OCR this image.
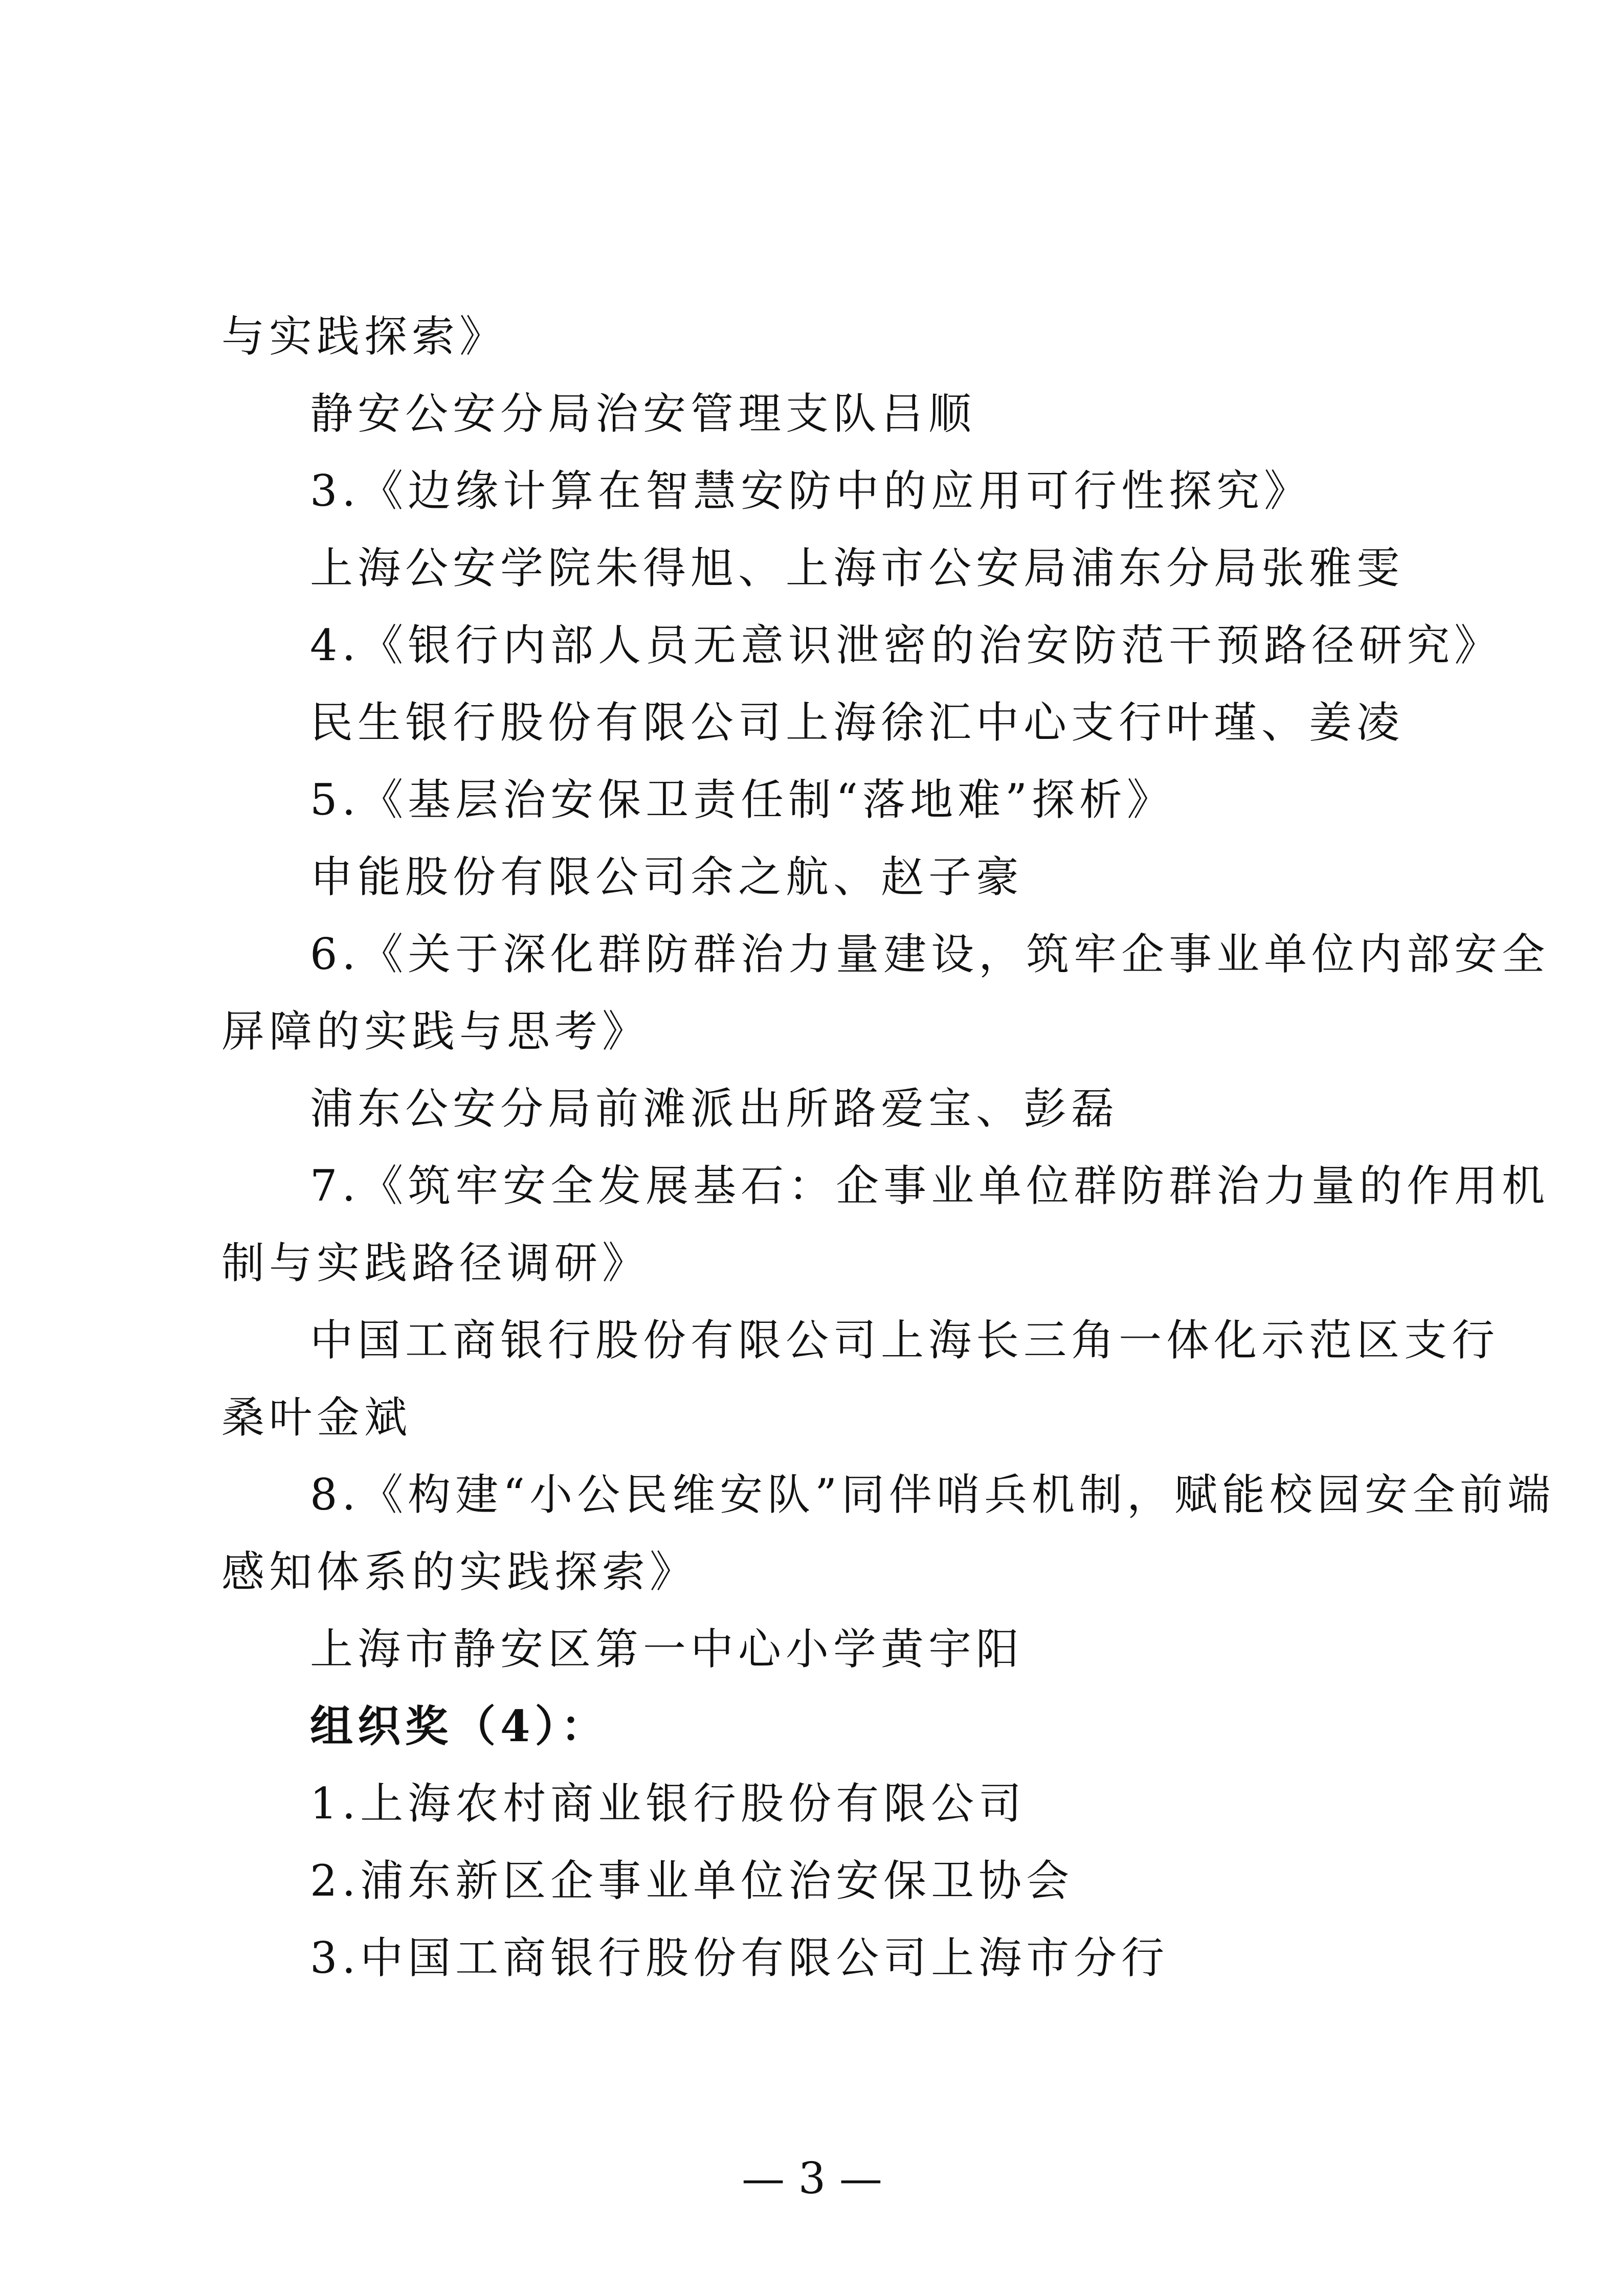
与实践探索》
静安公安分局治安管理支队吕顺
3.《边缘计算在智慧安防中的应用可行性探究》
上海公安学院朱得旭、上海市公安局浦东分局张雅雯
4.《银行内部人员无意识泄密的治安防范干预路径研究》
民生银行股份有限公司上海徐汇中心支行叶瑾、姜凌
5.《基层治安保卫责任制“落地难”探析》
申能股份有限公司余之航、赵子豪
6.《关于深化群防群治力量建设，筑牢企事业单位内部安全
屏障的实践与思考》
浦东公安分局前滩派出所路爱宝、彭磊
7.《筑牢安全发展基石：企事业单位群防群治力量的作用机
制与实践路径调研》
中国工商银行股份有限公司上海长三角一体化示范区支行
桑叶金斌
8.《构建“小公民维安队”同伴哨兵机制，赋能校园安全前端
感知体系的实践探索》
上海市静安区第一中心小学黄宇阳
组织奖（4）：
1.上海农村商业银行股份有限公司
2.浦东新区企事业单位治安保卫协会
3.中国工商银行股份有限公司上海市分行
— 3 —
